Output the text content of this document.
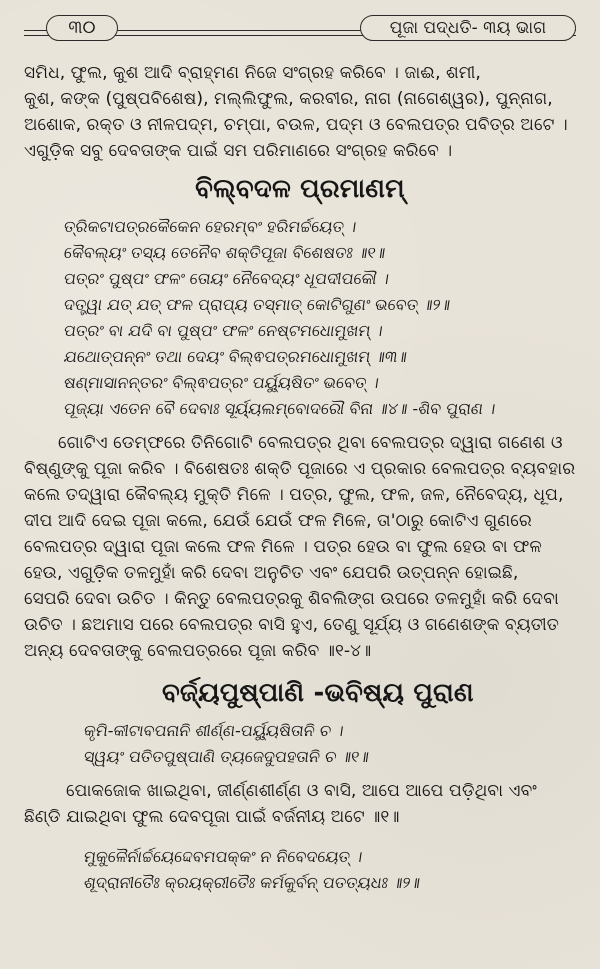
୩୦	ପୂଜା ପଦ୍ଧତି- ୩ୟ ଭାଗ

ସମିଧ, ଫୁଲ, କୁଶ ଆଦି ବ୍ରାହ୍ମଣ ନିଜେ ସଂଗ୍ରହ କରିବେ । ଜାଈ, ଶମୀ,

କୁଶ, କଙ୍କ (ପୁଷ୍ପବିଶେଷ), ମଲ୍ଲିଫୁଲ, କରବୀର, ନାଗ (ନାଗେଶ୍ୱର), ପୁନ୍ନାଗ,

ଅଶୋକ, ରକ୍ତ ଓ ନୀଳପଦ୍ମ, ଚମ୍ପା, ବଉଳ, ପଦ୍ମ ଓ ବେଲପତ୍ର ପବିତ୍ର ଅଟେ ।

ଏଗୁଡ଼ିକ ସବୁ ଦେବତାଙ୍କ ପାଇଁ ସମ ପରିମାଣରେ ସଂଗ୍ରହ କରିବେ ।

ବିଲ୍ବଦଳ ପ୍ରମାଣମ୍

ତ୍ରିକଟାପତ୍ରକୈକେନ ହେରମ୍ବଂ ହରିମର୍ଚ୍ଚୟେତ୍ ।

କୈବଲ୍ୟଂ ତସ୍ୟ ତେନୈବ ଶକ୍ତିପୂଜା ବିଶେଷତଃ ॥୧॥

ପତ୍ରଂ ପୁଷ୍ପଂ ଫଳଂ ତୋୟଂ ନୈବେଦ୍ୟଂ ଧୂପଦୀପକୌ ।

ଦତ୍ତ୍ୱା ଯତ୍ ଯତ୍ ଫଳ ପ୍ରାପ୍ୟ ତସ୍ମାତ୍ କୋଟିଗୁଣଂ ଭବେତ୍ ॥୨॥

ପତ୍ରଂ ବା ଯଦି ବା ପୁଷ୍ପଂ ଫଳଂ ନେଷ୍ଟମଧୋମୁଖମ୍ ।

ଯଥୋତ୍ପନ୍ନଂ ତଥା ଦେୟଂ ବିଲ୍ଵପତ୍ରମଧୋମୁଖମ୍ ॥୩॥

ଷଣ୍ମାସାନନ୍ତରଂ ବିଲ୍ଵପତ୍ରଂ ପର୍ୟ୍ୟୁଷିତଂ ଭବେତ୍ ।

ପୂଜ୍ୟା ଏତେନ ବୈ ଦେବାଃ ସୂର୍ୟ୍ୟଲମ୍ବୋଦରୌ ବିନା ॥୪॥ -ଶିବ ପୁରାଣ ।

ଗୋଟିଏ ଡେମ୍ଫରେ ତିନିଗୋଟି ବେଲପତ୍ର ଥିବା ବେଲପତ୍ର ଦ୍ୱାରା ଗଣେଶ ଓ

ବିଷ୍ଣୁଙ୍କୁ ପୂଜା କରିବ । ବିଶେଷତଃ ଶକ୍ତି ପୂଜାରେ ଏ ପ୍ରକାର ବେଲପତ୍ର ବ୍ୟବହାର

କଲେ ତଦ୍ୱାରା କୈବଲ୍ୟ ମୁକ୍ତି ମିଳେ । ପତ୍ର, ଫୁଲ, ଫଳ, ଜଳ, ନୈବେଦ୍ୟ, ଧୂପ,

ଦୀପ ଆଦି ଦେଇ ପୂଜା କଲେ, ଯେଉଁ ଯେଉଁ ଫଳ ମିଳେ, ତା'ଠାରୁ କୋଟିଏ ଗୁଣରେ

ବେଲପତ୍ର ଦ୍ୱାରା ପୂଜା କଲେ ଫଳ ମିଳେ । ପତ୍ର ହେଉ ବା ଫୁଲ ହେଉ ବା ଫଳ

ହେଉ, ଏଗୁଡ଼ିକ ତଳମୁହାଁ କରି ଦେବା ଅନୁଚିତ ଏବଂ ଯେପରି ଉତ୍ପନ୍ନ ହୋଇଛି,

ସେପରି ଦେବା ଉଚିତ । କିନ୍ତୁ ବେଲପତ୍ରକୁ ଶିବଲିଙ୍ଗ ଉପରେ ତଳମୁହାଁ କରି ଦେବା

ଉଚିତ । ଛଅମାସ ପରେ ବେଲପତ୍ର ବାସି ହୁଏ, ତେଣୁ ସୂର୍ଯ୍ୟ ଓ ଗଣେଶଙ୍କ ବ୍ୟତୀତ

ଅନ୍ୟ ଦେବତାଙ୍କୁ ବେଲପତ୍ରରେ ପୂଜା କରିବ ॥୧-୪॥

ବର୍ଜ୍ୟପୁଷ୍ପାଣି -ଭବିଷ୍ୟ ପୁରାଣ

କୃମି-କୀଟାବପନାନି ଶୀର୍ଣ୍ଣ-ପର୍ୟ୍ୟୁଷିତାନି ଚ ।

ସ୍ୱୟଂ ପତିତପୁଷ୍ପାଣି ତ୍ୟଜେଦୁପହତାନି ଚ ॥୧॥

ପୋକଜୋକ ଖାଇଥିବା, ଜୀର୍ଣ୍ଣଶୀର୍ଣ୍ଣ ଓ ବାସି, ଆପେ ଆପେ ପଡ଼ିଥିବା ଏବଂ

ଛିଣ୍ଡି ଯାଇଥିବା ଫୁଲ ଦେବପୂଜା ପାଇଁ ବର୍ଜନୀୟ ଅଟେ ॥୧॥

ମୁକୁଳୈର୍ନାର୍ଚ୍ଚୟେଦ୍ଦେବମପକ୍କଂ ନ ନିବେଦୟେତ୍ ।

ଶୂଦ୍ରାନୀତୈଃ କ୍ରୟକ୍ରୀତୈଃ କର୍ମକୁର୍ବନ୍ ପତତ୍ୟଧଃ ॥୨॥
